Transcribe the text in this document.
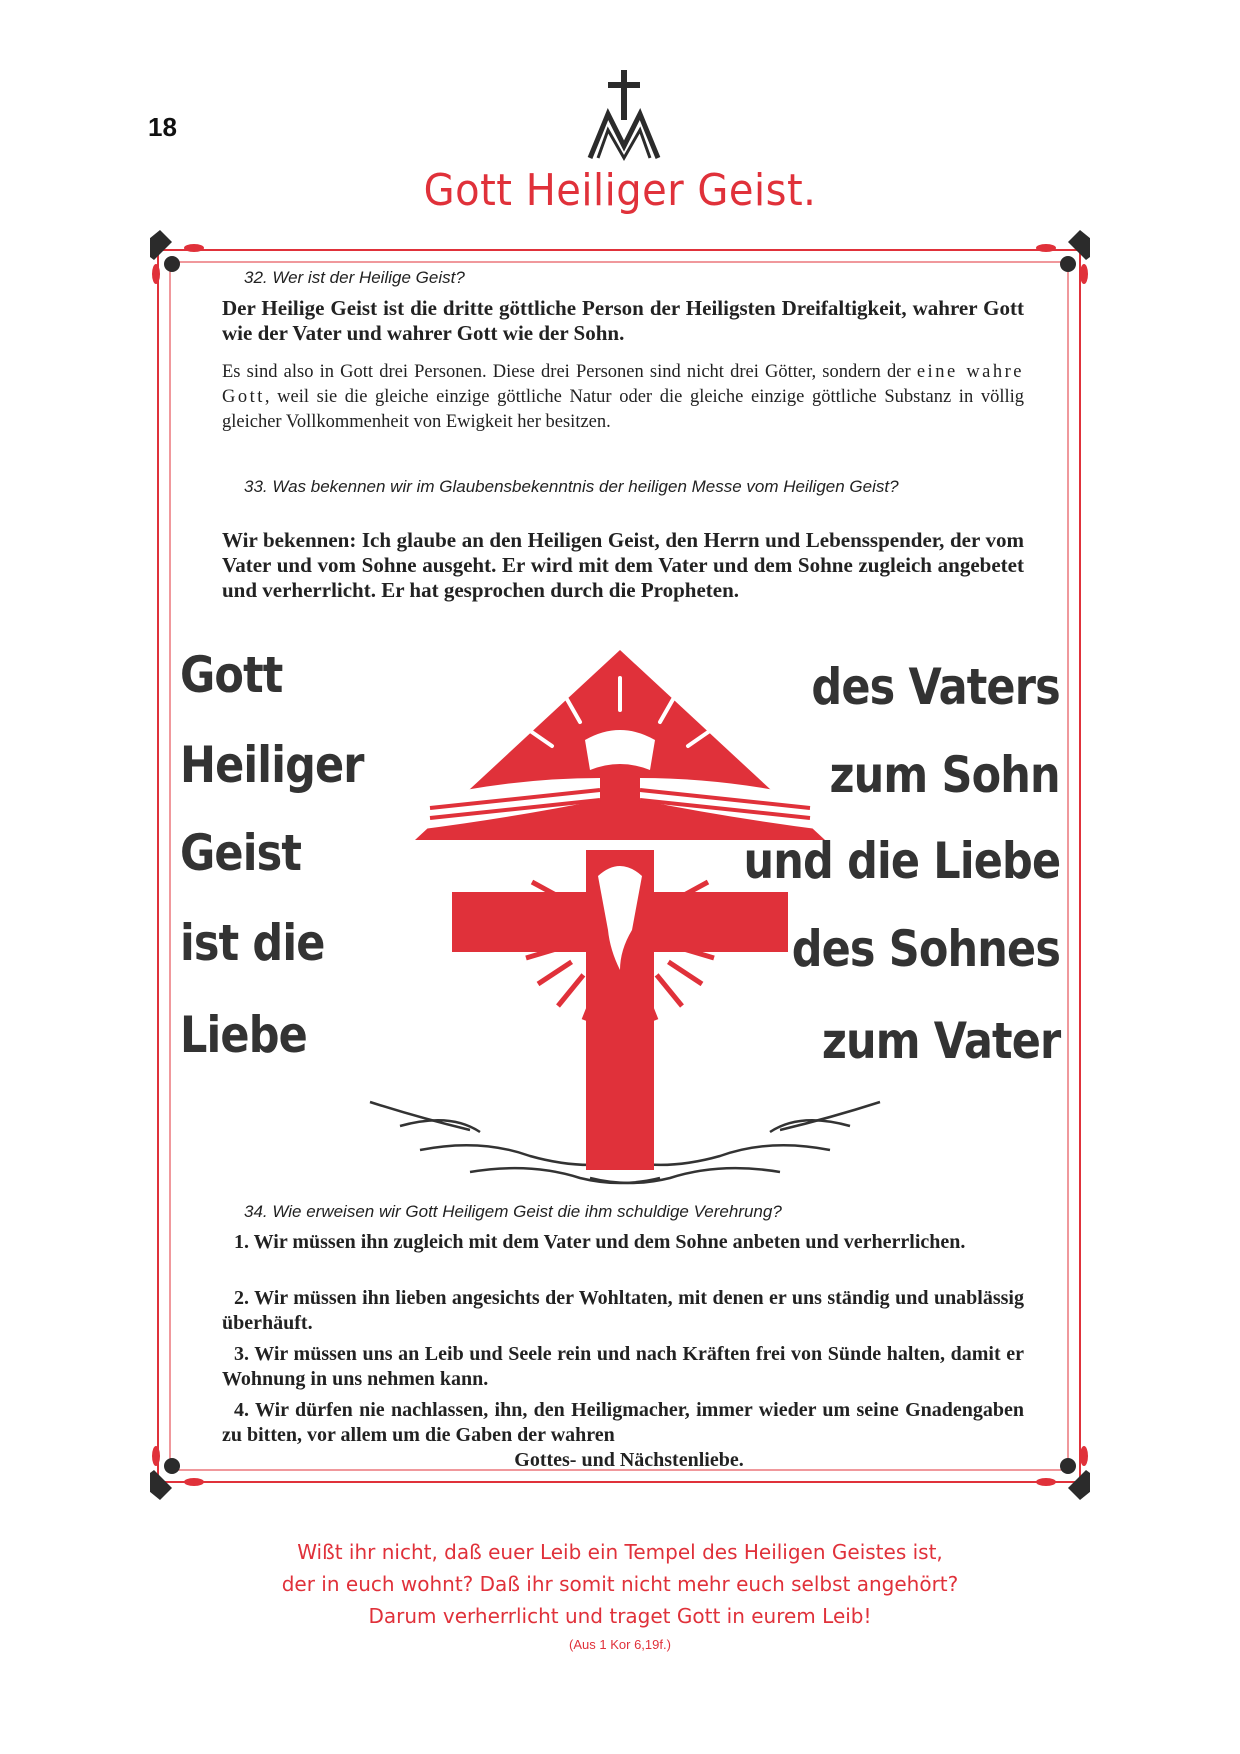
18
Gott Heiliger Geist.
32. Wer ist der Heilige Geist?
Der Heilige Geist ist die dritte göttliche Person der Heiligsten Dreifaltigkeit, wahrer Gott wie der Vater und wahrer Gott wie der Sohn.
Es sind also in Gott drei Personen. Diese drei Personen sind nicht drei Götter, sondern der eine wahre Gott, weil sie die gleiche einzige göttliche Natur oder die gleiche einzige göttliche Substanz in völlig gleicher Vollkommenheit von Ewigkeit her besitzen.
33. Was bekennen wir im Glaubensbekenntnis der heiligen Messe vom Heiligen Geist?
Wir bekennen: Ich glaube an den Heiligen Geist, den Herrn und Lebensspender, der vom Vater und vom Sohne ausgeht. Er wird mit dem Vater und dem Sohne zugleich angebetet und verherrlicht. Er hat gesprochen durch die Propheten.
Gott
Heiliger
Geist
ist die
Liebe
des Vaters
zum Sohn
und die Liebe
des Sohnes
zum Vater
34. Wie erweisen wir Gott Heiligem Geist die ihm schuldige Verehrung?
1. Wir müssen ihn zugleich mit dem Vater und dem Sohne anbeten und verherrlichen.
2. Wir müssen ihn lieben angesichts der Wohltaten, mit denen er uns ständig und unablässig überhäuft.
3. Wir müssen uns an Leib und Seele rein und nach Kräften frei von Sünde halten, damit er Wohnung in uns nehmen kann.
4. Wir dürfen nie nachlassen, ihn, den Heiligmacher, immer wieder um seine Gnadengaben zu bitten, vor allem um die Gaben der wahren
Gottes- und Nächstenliebe.
Wißt ihr nicht, daß euer Leib ein Tempel des Heiligen Geistes ist,
der in euch wohnt? Daß ihr somit nicht mehr euch selbst angehört?
Darum verherrlicht und traget Gott in eurem Leib!
(Aus 1 Kor 6,19f.)
